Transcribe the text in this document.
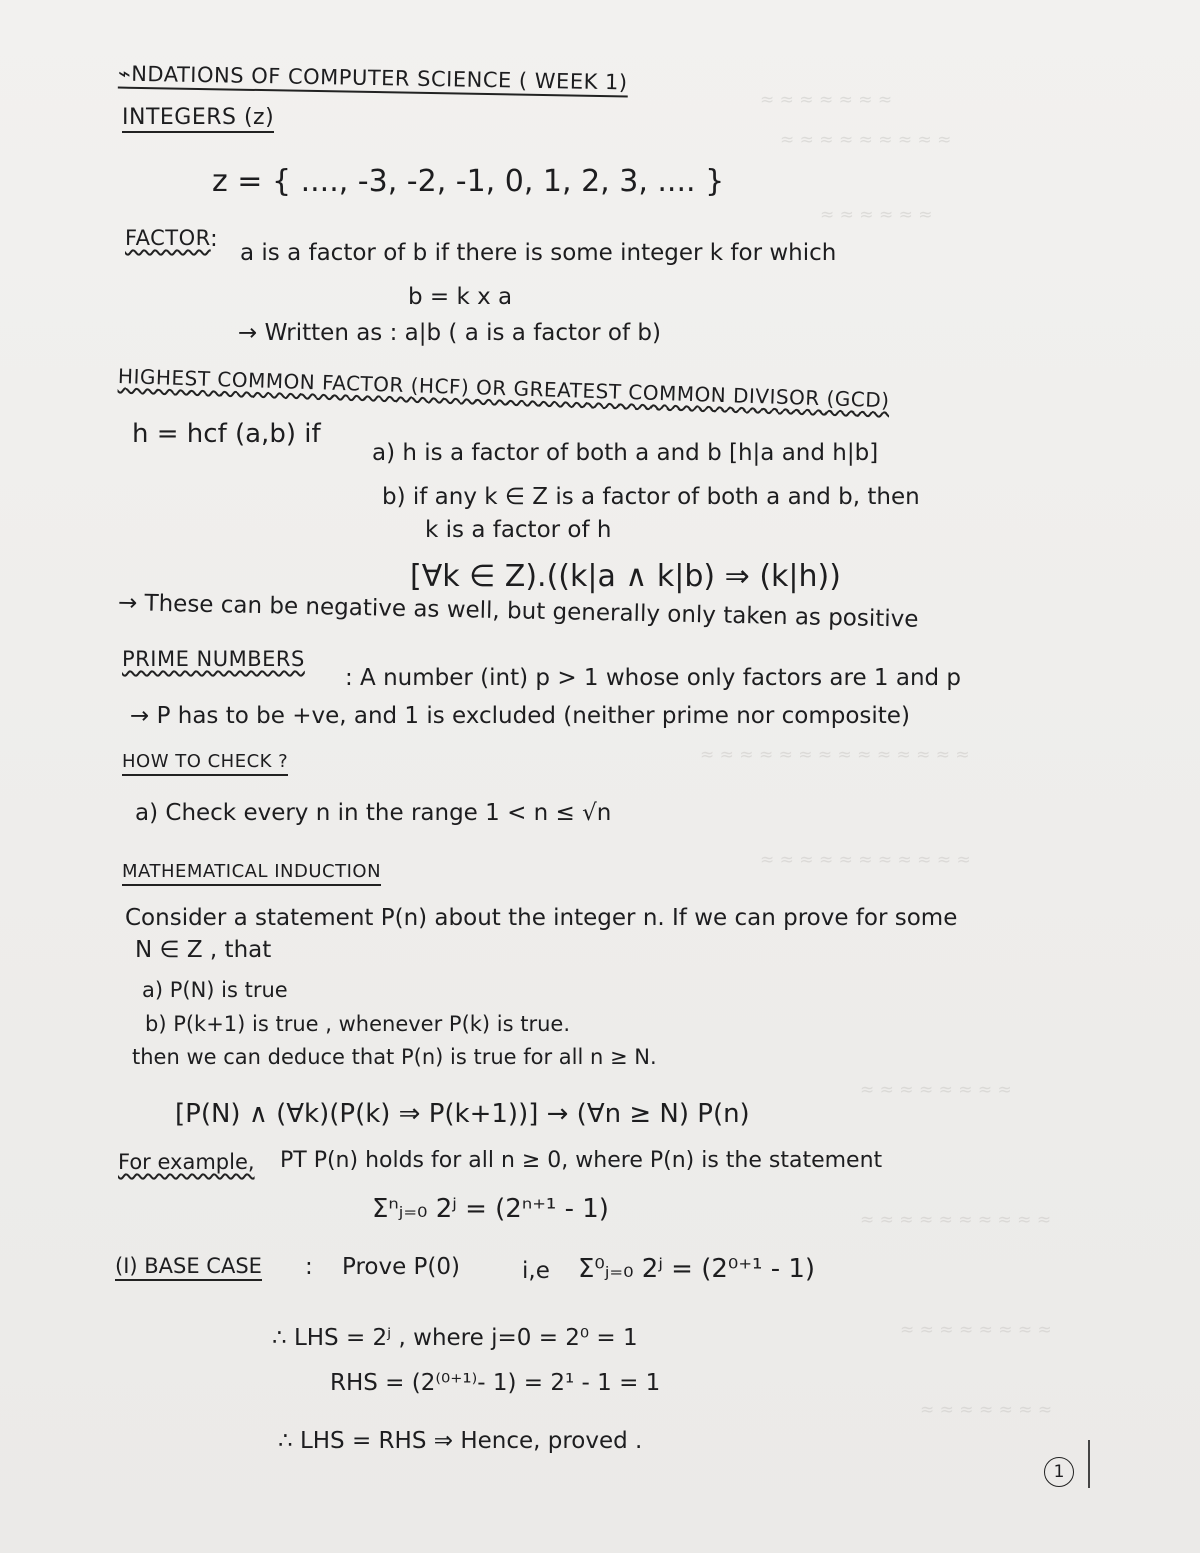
≈ ≈ ≈ ≈ ≈ ≈ ≈
≈ ≈ ≈ ≈ ≈ ≈ ≈ ≈ ≈
≈ ≈ ≈ ≈ ≈ ≈
≈ ≈ ≈ ≈ ≈ ≈ ≈ ≈ ≈ ≈ ≈ ≈ ≈ ≈
≈ ≈ ≈ ≈ ≈ ≈ ≈ ≈ ≈ ≈ ≈
≈ ≈ ≈ ≈ ≈ ≈ ≈ ≈
≈ ≈ ≈ ≈ ≈ ≈ ≈ ≈ ≈ ≈
≈ ≈ ≈ ≈ ≈ ≈ ≈ ≈
≈ ≈ ≈ ≈ ≈ ≈ ≈
⌁NDATIONS OF COMPUTER SCIENCE ( WEEK 1)
INTEGERS (z)
z = { ...., -3, -2, -1, 0, 1, 2, 3, .... }
FACTOR :
a is a factor of b if there is some integer k for which
b = k x a
→ Written as : a|b ( a is a factor of b)
HIGHEST COMMON FACTOR (HCF) OR GREATEST COMMON DIVISOR (GCD)
h = hcf (a,b) if
a) h is a factor of both a and b [h|a and h|b]
b) if any k ∈ Z is a factor of both a and b, then
k is a factor of h
[∀k ∈ Z).((k|a ∧ k|b) ⇒ (k|h))
→ These can be negative as well, but generally only taken as positive
PRIME NUMBERS
: A number (int) p > 1 whose only factors are 1 and p
→ P has to be +ve, and 1 is excluded (neither prime nor composite)
HOW TO CHECK ?
a) Check every n in the range 1 < n ≤ √n
MATHEMATICAL INDUCTION
Consider a statement P(n) about the integer n. If we can prove for some
N ∈ Z , that
a) P(N) is true
b) P(k+1) is true , whenever P(k) is true.
then we can deduce that P(n) is true for all n ≥ N.
[P(N) ∧ (∀k)(P(k) ⇒ P(k+1))] → (∀n ≥ N) P(n)
For example, PT P(n) holds for all n ≥ 0, where P(n) is the statement
Σⁿⱼ₌₀ 2ʲ = (2ⁿ⁺¹ - 1)
(I) BASE CASE : Prove P(0)	i,e Σ⁰ⱼ₌₀ 2ʲ = (2⁰⁺¹ - 1)
∴ LHS = 2ʲ , where j=0 = 2⁰ = 1
RHS = (2⁽⁰⁺¹⁾- 1) = 2¹ - 1 = 1
∴ LHS = RHS ⇒ Hence, proved .
1
